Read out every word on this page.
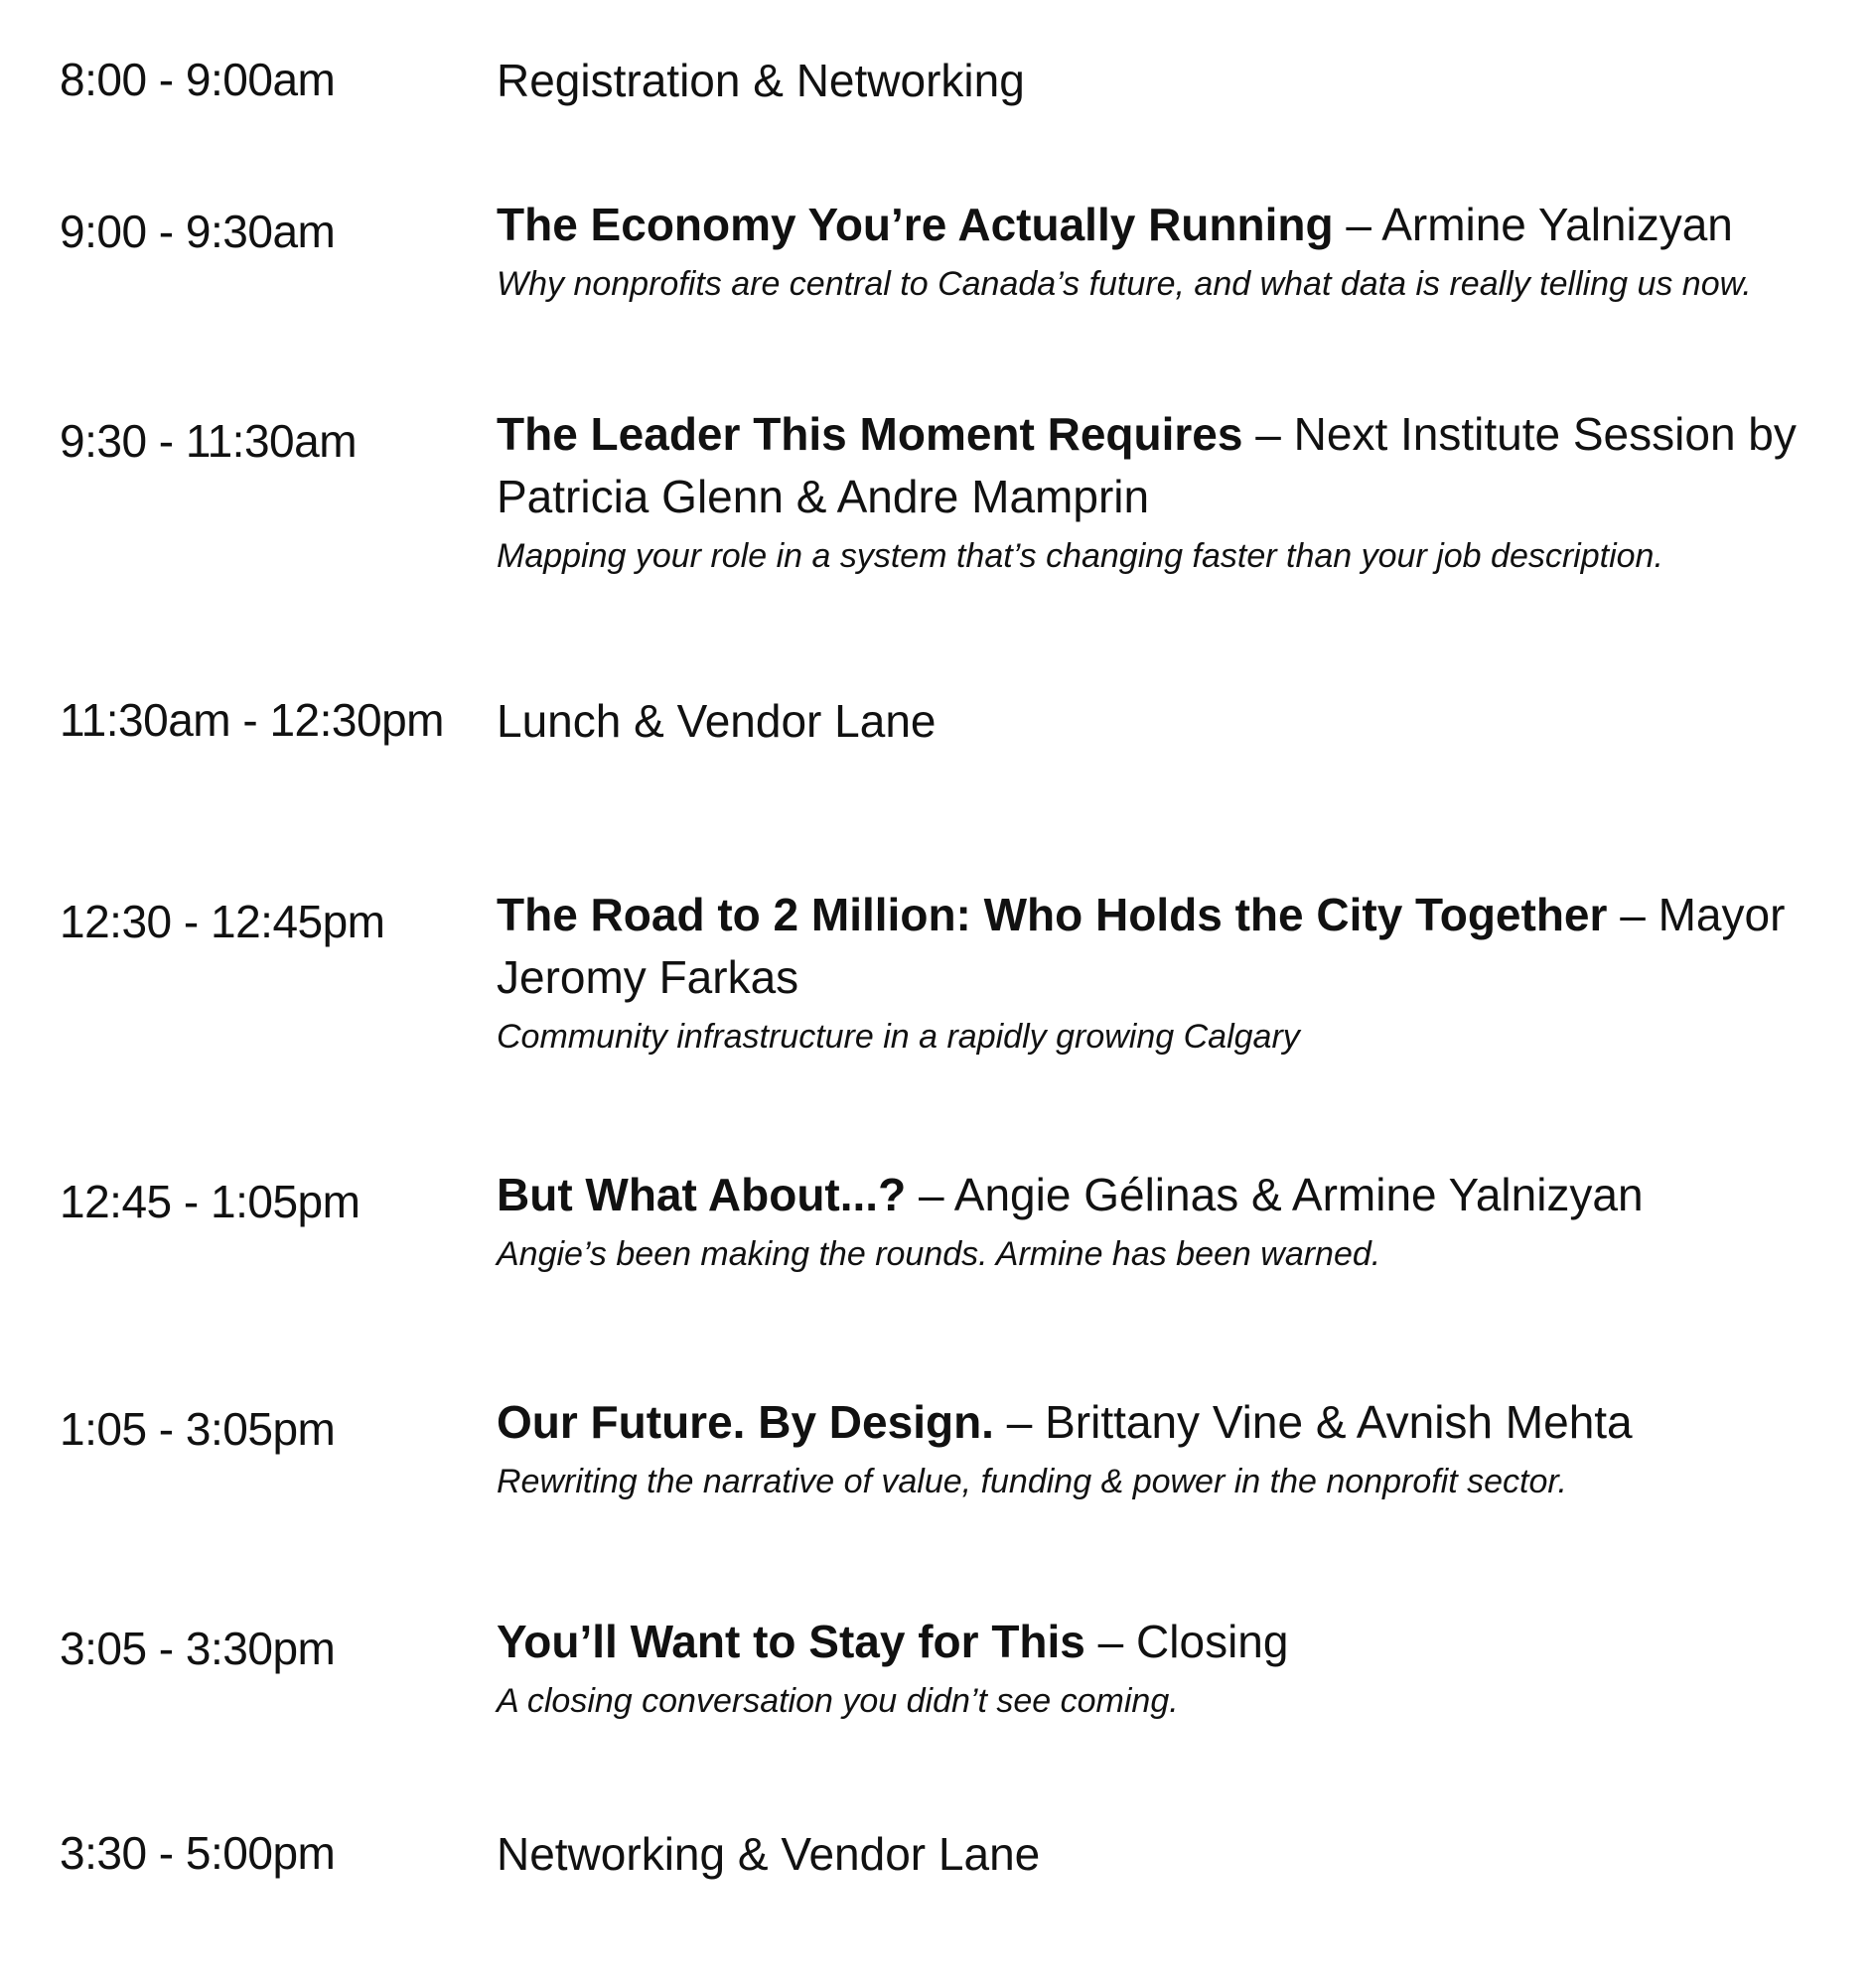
8:00 - 9:00am	Registration & Networking

9:00 - 9:30am	The Economy You’re Actually Running – Armine Yalnizyan

Why nonprofits are central to Canada’s future, and what data is really telling us now.

9:30 - 11:30am	The Leader This Moment Requires – Next Institute Session by Patricia Glenn & Andre Mamprin

Mapping your role in a system that’s changing faster than your job description.

11:30am - 12:30pm	Lunch & Vendor Lane

12:30 - 12:45pm	The Road to 2 Million: Who Holds the City Together – Mayor Jeromy Farkas

Community infrastructure in a rapidly growing Calgary

12:45 - 1:05pm	But What About...? – Angie Gélinas & Armine Yalnizyan

Angie’s been making the rounds. Armine has been warned.

1:05 - 3:05pm	Our Future. By Design. – Brittany Vine & Avnish Mehta

Rewriting the narrative of value, funding & power in the nonprofit sector.

3:05 - 3:30pm	You’ll Want to Stay for This – Closing

A closing conversation you didn’t see coming.

3:30 - 5:00pm	Networking & Vendor Lane
